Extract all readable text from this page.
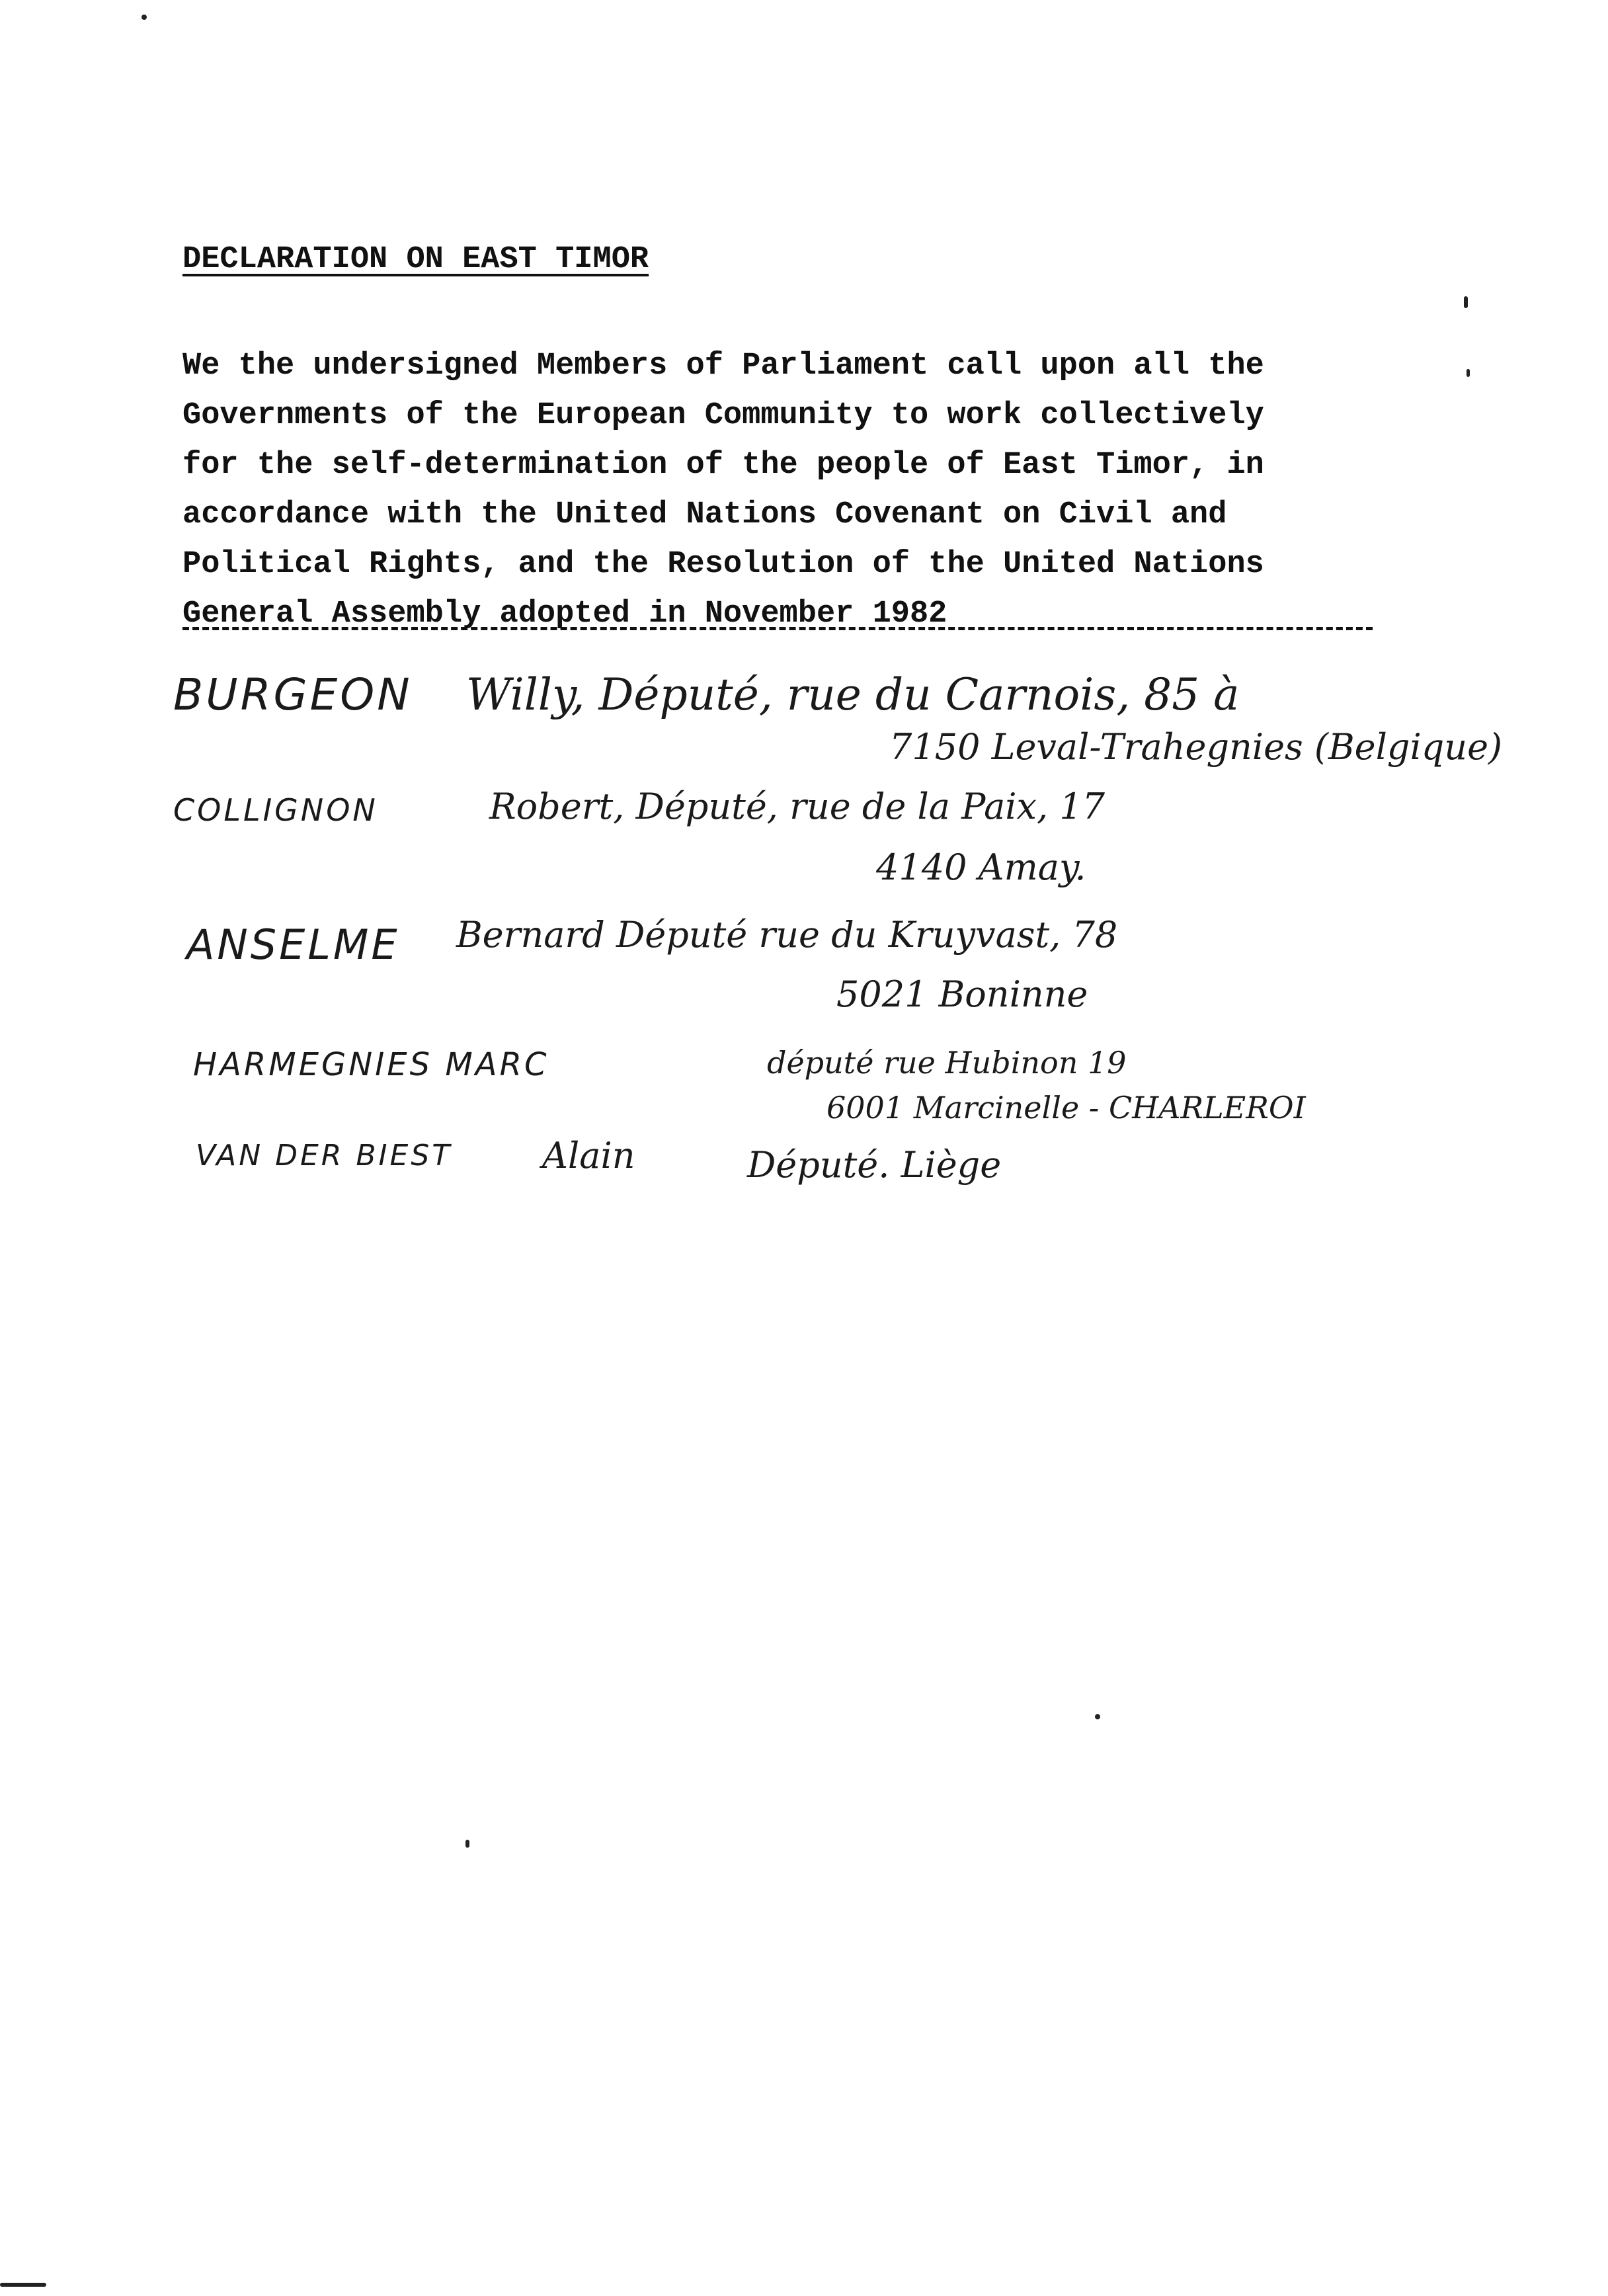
DECLARATION ON EAST TIMOR
We the undersigned Members of Parliament call upon all the
Governments of the European Community to work collectively
for the self-determination of the people of East Timor, in
accordance with the United Nations Covenant on Civil and
Political Rights, and the Resolution of the United Nations
General Assembly adopted in November 1982
BURGEON Willy, Député, rue du Carnois, 85 à
7150 Leval-Trahegnies (Belgique)
COLLIGNON	Robert, Député, rue de la Paix, 17
4140 Amay.
ANSELME Bernard Député rue du Kruyvast, 78
5021 Boninne
HARMEGNIES MARC	député rue Hubinon 19
6001 Marcinelle - CHARLEROI
VAN DER BIEST	Alain	Député. Liège
